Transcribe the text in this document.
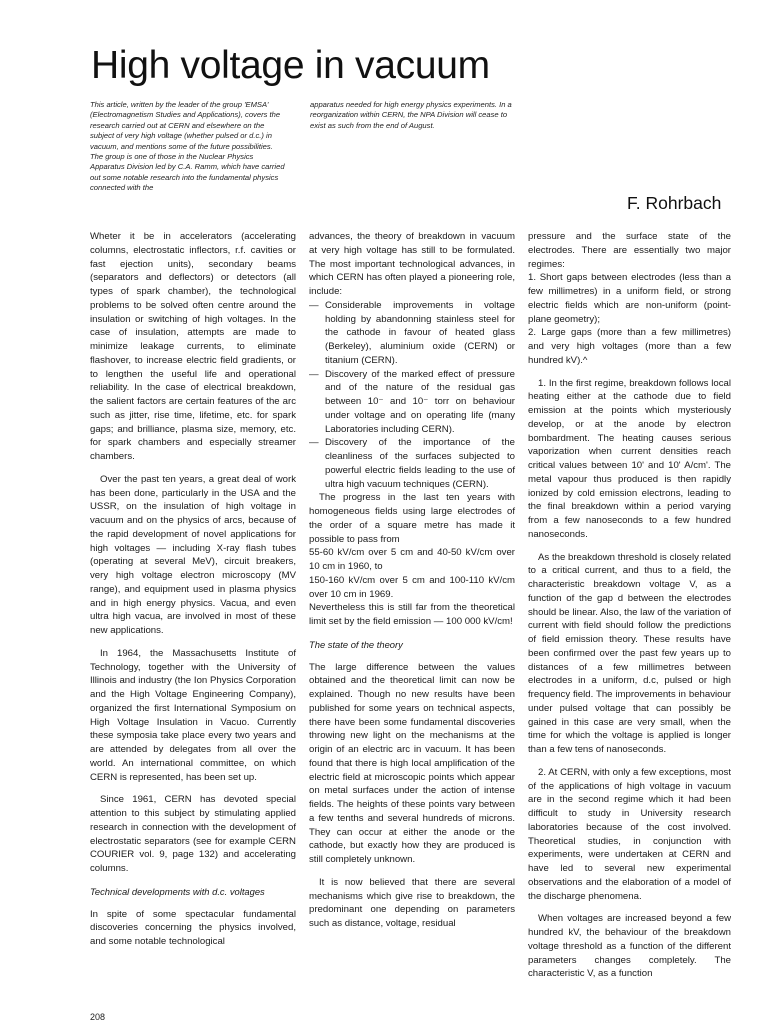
High voltage in vacuum

This article, written by the leader of the group 'EMSA' (Electromagnetism Studies and Applications), covers the research carried out at CERN and elsewhere on the subject of very high voltage (whether pulsed or d.c.) in vacuum, and mentions some of the future possibilities.

The group is one of those in the Nuclear Physics Apparatus Division led by C.A. Ramm, which have carried out some notable research into the fundamental physics connected with the

apparatus needed for high energy physics experiments. In a reorganization within CERN, the NPA Division will cease to exist as such from the end of August.

F. Rohrbach

Wheter it be in accelerators (accelerating columns, electrostatic inflectors, r.f. cavities or fast ejection units), secondary beams (separators and deflectors) or detectors (all types of spark chamber), the technological problems to be solved often centre around the insulation or switching of high voltages. In the case of insulation, attempts are made to minimize leakage currents, to eliminate flashover, to increase electric field gradients, or to lengthen the useful life and operational reliability. In the case of electrical breakdown, the salient factors are certain features of the arc such as jitter, rise time, lifetime, etc. for spark gaps; and brilliance, plasma size, memory, etc. for spark chambers and especially streamer chambers.

Over the past ten years, a great deal of work has been done, particularly in the USA and the USSR, on the insulation of high voltage in vacuum and on the physics of arcs, because of the rapid development of novel applications for high voltages — including X-ray flash tubes (operating at several MeV), circuit breakers, very high voltage electron microscopy (MV range), and equipment used in plasma physics and in high energy physics. Vacua, and even ultra high vacua, are involved in most of these new applications.

In 1964, the Massachusetts Institute of Technology, together with the University of Illinois and industry (the Ion Physics Corporation and the High Voltage Engineering Company), organized the first International Symposium on High Voltage Insulation in Vacuo. Currently these symposia take place every two years and are attended by delegates from all over the world. An international committee, on which CERN is represented, has been set up.

Since 1961, CERN has devoted special attention to this subject by stimulating applied research in connection with the development of electrostatic separators (see for example CERN COURIER vol. 9, page 132) and accelerating columns.

Technical developments with d.c. voltages

In spite of some spectacular fundamental discoveries concerning the physics involved, and some notable technological

advances, the theory of breakdown in vacuum at very high voltage has still to be formulated. The most important technological advances, in which CERN has often played a pioneering role, include:

— Considerable improvements in voltage holding by abandonning stainless steel for the cathode in favour of heated glass (Berkeley), aluminium oxide (CERN) or titanium (CERN).
— Discovery of the marked effect of pressure and of the nature of the residual gas between 10⁻ and 10⁻ torr on behaviour under voltage and on operating life (many Laboratories including CERN).
— Discovery of the importance of the cleanliness of the surfaces subjected to powerful electric fields leading to the use of ultra high vacuum techniques (CERN).

The progress in the last ten years with homogeneous fields using large electrodes of the order of a square metre has made it possible to pass from

55-60 kV/cm over 5 cm and 40-50 kV/cm over 10 cm in 1960, to

150-160 kV/cm over 5 cm and 100-110 kV/cm over 10 cm in 1969.

Nevertheless this is still far from the theoretical limit set by the field emission — 100 000 kV/cm!

The state of the theory

The large difference between the values obtained and the theoretical limit can now be explained. Though no new results have been published for some years on technical aspects, there have been some fundamental discoveries throwing new light on the mechanisms at the origin of an electric arc in vacuum. It has been found that there is high local amplification of the electric field at microscopic points which appear on metal surfaces under the action of intense fields. The heights of these points vary between a few tenths and several hundreds of microns. They can occur at either the anode or the cathode, but exactly how they are produced is still completely unknown.

It is now believed that there are several mechanisms which give rise to breakdown, the predominant one depending on parameters such as distance, voltage, residual

pressure and the surface state of the electrodes. There are essentially two major regimes:

1. Short gaps between electrodes (less than a few millimetres) in a uniform field, or strong electric fields which are non-uniform (point-plane geometry);

2. Large gaps (more than a few millimetres) and very high voltages (more than a few hundred kV).^

1. In the first regime, breakdown follows local heating either at the cathode due to field emission at the points which mysteriously develop, or at the anode by electron bombardment. The heating causes serious vaporization when current densities reach critical values between 10' and 10' A/cm'. The metal vapour thus produced is then rapidly ionized by cold emission electrons, leading to the final breakdown within a period varying from a few nanoseconds to a few hundred nanoseconds.

As the breakdown threshold is closely related to a critical current, and thus to a field, the characteristic breakdown voltage V, as a function of the gap d between the electrodes should be linear. Also, the law of the variation of current with field should follow the predictions of field emission theory. These results have been confirmed over the past few years up to distances of a few millimetres between electrodes in a uniform, d.c, pulsed or high frequency field. The improvements in behaviour under pulsed voltage that can possibly be gained in this case are very small, when the time for which the voltage is applied is longer than a few tens of nanoseconds.

2. At CERN, with only a few exceptions, most of the applications of high voltage in vacuum are in the second regime which it had been difficult to study in University research laboratories because of the cost involved. Theoretical studies, in conjunction with experiments, were undertaken at CERN and have led to several new experimental observations and the elaboration of a model of the discharge phenomena.

When voltages are increased beyond a few hundred kV, the behaviour of the breakdown voltage threshold as a function of the different parameters changes completely. The characteristic V, as a function

208
